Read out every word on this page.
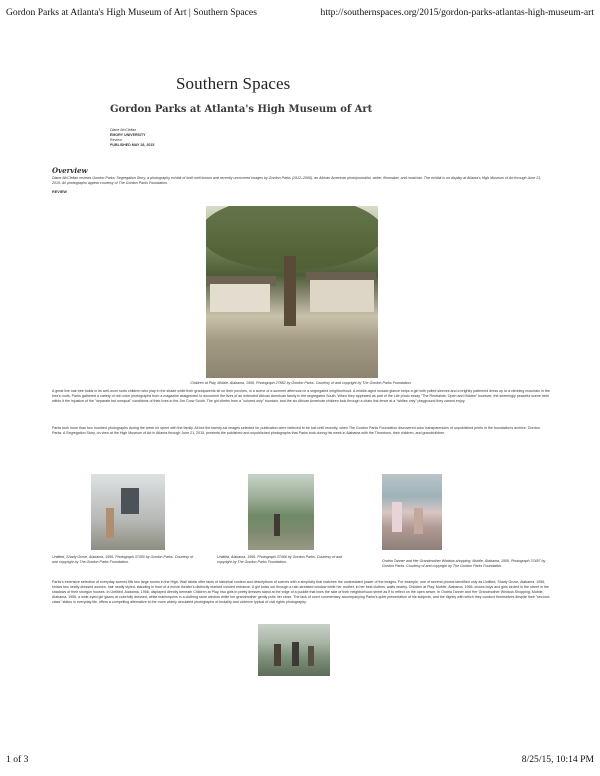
Gordon Parks at Atlanta's High Museum of Art | Southern Spaces	http://southernspaces.org/2015/gordon-parks-atlantas-high-museum-art
Southern Spaces
Gordon Parks at Atlanta's High Museum of Art
Diane McClellan
EMORY UNIVERSITY
Review
PUBLISHED MAY 28, 2015
Overview
Diane McClellan reviews Gordon Parks: Segregation Story, a photography exhibit of both well known and recently uncovered images by Gordon Parks (1912–2006), an African American photojournalist, writer, filmmaker, and musician. The exhibit is on display at Atlanta's High Museum of Art through June 21, 2015. All photographs appear courtesy of The Gordon Parks Foundation.
REVIEW
Children at Play, Mobile, Alabama, 1956. Photograph 27882 by Gordon Parks. Courtesy of and copyright by The Gordon Parks Foundation.
A great live oak tree holds in its well-worn roots children who play in the shade while their grandparents sit on their porches, in a scene of a summer afternoon in a segregated neighborhood. A middle-aged mosaic glance helps a girl with pulled sleeves and a brightly patterned dress up to a climbing mountain in the tree's roots. Parks gathered a variety of rich color photographs from a magazine assignment to document the lives of an extended African American family in the segregated South. When they appeared as part of the Life photo essay "The Restraints: Open and Hidden" however, the seemingly peaceful scene held within it the injustice of the "separate but unequal" conditions of their lives in the Jim Crow South. The girl climbs from a "colored only" fountain, and the six African American children look through a chain link fence at a "whites only" playground they cannot enjoy.
Parks took more than two hundred photographs during the week he spent with the family. All but the twenty-six images selected for publication were believed to be lost until recently, when The Gordon Parks Foundation discovered color transparencies of unpublished prints in the foundation's archive. Gordon Parks: A Segregation Story, on view at the High Museum of Art in Atlanta through June 21, 2015, presents the published and unpublished photographs that Parks took during his week in Alabama with the Thorntons, their children, and grandchildren.
Untitled, Shady Grove, Alabama, 1956. Photograph 37450 by Gordon Parks. Courtesy of and copyright by The Gordon Parks Foundation.
Untitled, Alabama, 1956. Photograph 37466 by Gordon Parks. Courtesy of and copyright by The Gordon Parks Foundation.	Ondria Tanner and Her Grandmother Window-shopping, Mobile, Alabama, 1956. Photograph 37487 by Gordon Parks. Courtesy of and copyright by The Gordon Parks Foundation.
Parks's extensive selection of everyday scenes fills two large rooms in the High. Wall labels offer facts of historical context and descriptions of scenes with a simplicity that matches the understated power of the images. For example, one of several photos identified only as Untitled, Shady Grove, Alabama, 1956, shows two neatly dressed women, hair neatly styled, standing in front of a movie theater's distinctly marked colored entrance. A girl looks out through a rain-streaked window while her mother, in her best clothes, waits nearby. Children at Play, Mobile, Alabama, 1956, shows boys and girls circled in the street in the shadows of their shotgun houses. In Untitled, Alabama, 1956, displayed directly beneath Children at Play, two girls in pretty dresses stand at the edge of a puddle that lines the side of their neighborhood street as if to reflect on the open sewer. In Ondria Tanner and Her Grandmother Window-Shopping, Mobile, Alabama, 1956, a wide-eyed girl gazes at colorfully dressed, white mannequins in a clothing store window while her grandmother gently pulls her close. The lack of overt commentary accompanying Parks's quiet presentation of his subjects, and the dignity with which they conduct themselves despite their "second-class" status in everyday life, offers a compelling alternative to the more widely circulated photographs of brutality and violence typical of civil rights photography.
1 of 3	8/25/15, 10:14 PM
